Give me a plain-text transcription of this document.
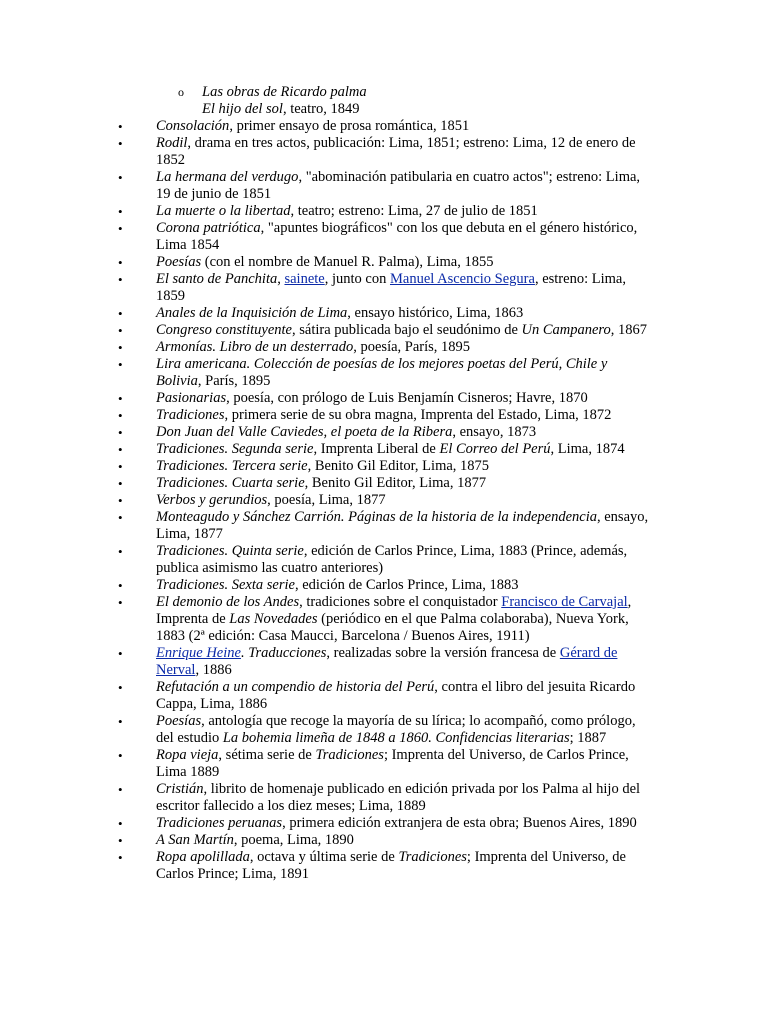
o Las obras de Ricardo palma
El hijo del sol, teatro, 1849
• Consolación, primer ensayo de prosa romántica, 1851
• Rodil, drama en tres actos, publicación: Lima, 1851; estreno: Lima, 12 de enero de 1852
• La hermana del verdugo, "abominación patibularia en cuatro actos"; estreno: Lima, 19 de junio de 1851
• La muerte o la libertad, teatro; estreno: Lima, 27 de julio de 1851
• Corona patriótica, "apuntes biográficos" con los que debuta en el género histórico, Lima 1854
• Poesías (con el nombre de Manuel R. Palma), Lima, 1855
• El santo de Panchita, sainete, junto con Manuel Ascencio Segura, estreno: Lima, 1859
• Anales de la Inquisición de Lima, ensayo histórico, Lima, 1863
• Congreso constituyente, sátira publicada bajo el seudónimo de Un Campanero, 1867
• Armonías. Libro de un desterrado, poesía, París, 1895
• Lira americana. Colección de poesías de los mejores poetas del Perú, Chile y Bolivia, París, 1895
• Pasionarias, poesía, con prólogo de Luis Benjamín Cisneros; Havre, 1870
• Tradiciones, primera serie de su obra magna, Imprenta del Estado, Lima, 1872
• Don Juan del Valle Caviedes, el poeta de la Ribera, ensayo, 1873
• Tradiciones. Segunda serie, Imprenta Liberal de El Correo del Perú, Lima, 1874
• Tradiciones. Tercera serie, Benito Gil Editor, Lima, 1875
• Tradiciones. Cuarta serie, Benito Gil Editor, Lima, 1877
• Verbos y gerundios, poesía, Lima, 1877
• Monteagudo y Sánchez Carrión. Páginas de la historia de la independencia, ensayo, Lima, 1877
• Tradiciones. Quinta serie, edición de Carlos Prince, Lima, 1883 (Prince, además, publica asimismo las cuatro anteriores)
• Tradiciones. Sexta serie, edición de Carlos Prince, Lima, 1883
• El demonio de los Andes, tradiciones sobre el conquistador Francisco de Carvajal, Imprenta de Las Novedades (periódico en el que Palma colaboraba), Nueva York, 1883 (2ª edición: Casa Maucci, Barcelona / Buenos Aires, 1911)
• Enrique Heine. Traducciones, realizadas sobre la versión francesa de Gérard de Nerval, 1886
• Refutación a un compendio de historia del Perú, contra el libro del jesuita Ricardo Cappa, Lima, 1886
• Poesías, antología que recoge la mayoría de su lírica; lo acompañó, como prólogo, del estudio La bohemia limeña de 1848 a 1860. Confidencias literarias; 1887
• Ropa vieja, sétima serie de Tradiciones; Imprenta del Universo, de Carlos Prince, Lima 1889
• Cristián, librito de homenaje publicado en edición privada por los Palma al hijo del escritor fallecido a los diez meses; Lima, 1889
• Tradiciones peruanas, primera edición extranjera de esta obra; Buenos Aires, 1890
• A San Martín, poema, Lima, 1890
• Ropa apolillada, octava y última serie de Tradiciones; Imprenta del Universo, de Carlos Prince; Lima, 1891
